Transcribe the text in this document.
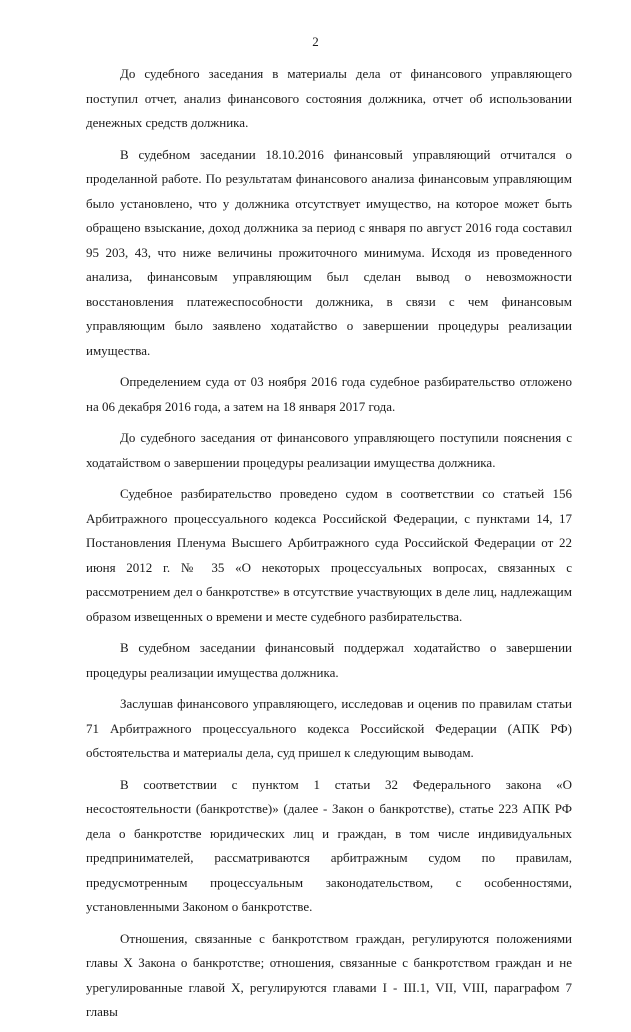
2

До судебного заседания в материалы дела от финансового управляющего поступил отчет, анализ финансового состояния должника, отчет об использовании денежных средств должника.

В судебном заседании 18.10.2016 финансовый управляющий отчитался о проделанной работе. По результатам финансового анализа финансовым управляющим было установлено, что у должника отсутствует имущество, на которое может быть обращено взыскание, доход должника за период с января по август 2016 года составил 95 203, 43, что ниже величины прожиточного минимума. Исходя из проведенного анализа, финансовым управляющим был сделан вывод о невозможности восстановления платежеспособности должника, в связи с чем финансовым управляющим было заявлено ходатайство о завершении процедуры реализации имущества.

Определением суда от 03 ноября 2016 года судебное разбирательство отложено на 06 декабря 2016 года, а затем на 18 января 2017 года.

До судебного заседания от финансового управляющего поступили пояснения с ходатайством о завершении процедуры реализации имущества должника.

Судебное разбирательство проведено судом в соответствии со статьей 156 Арбитражного процессуального кодекса Российской Федерации, с пунктами 14, 17 Постановления Пленума Высшего Арбитражного суда Российской Федерации от 22 июня 2012 г. № 35 «О некоторых процессуальных вопросах, связанных с рассмотрением дел о банкротстве» в отсутствие участвующих в деле лиц, надлежащим образом извещенных о времени и месте судебного разбирательства.

В судебном заседании финансовый поддержал ходатайство о завершении процедуры реализации имущества должника.

Заслушав финансового управляющего, исследовав и оценив по правилам статьи 71 Арбитражного процессуального кодекса Российской Федерации (АПК РФ) обстоятельства и материалы дела, суд пришел к следующим выводам.

В соответствии с пунктом 1 статьи 32 Федерального закона «О несостоятельности (банкротстве)» (далее - Закон о банкротстве), статье 223 АПК РФ дела о банкротстве юридических лиц и граждан, в том числе индивидуальных предпринимателей, рассматриваются арбитражным судом по правилам, предусмотренным процессуальным законодательством, с особенностями, установленными Законом о банкротстве.

Отношения, связанные с банкротством граждан, регулируются положениями главы X Закона о банкротстве; отношения, связанные с банкротством граждан и не урегулированные главой X, регулируются главами I - III.1, VII, VIII, параграфом 7 главы
